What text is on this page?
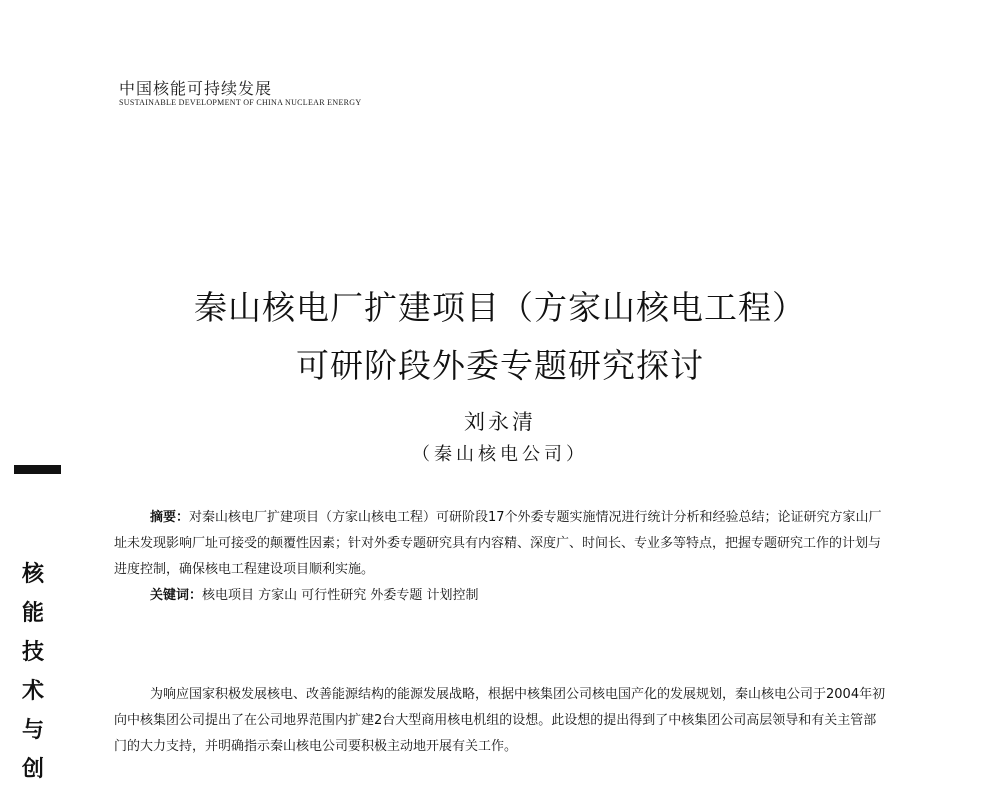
中国核能可持续发展
SUSTAINABLE DEVELOPMENT OF CHINA NUCLEAR ENERGY
秦山核电厂扩建项目（方家山核电工程）
可研阶段外委专题研究探讨
刘永清
（秦山核电公司）
核
能
技
术
与
创

摘要：对秦山核电厂扩建项目（方家山核电工程）可研阶段17个外委专题实施情况进行统计分析和经验总结；论证研究方家山厂址未发现影响厂址可接受的颠覆性因素；针对外委专题研究具有内容精、深度广、时间长、专业多等特点，把握专题研究工作的计划与进度控制，确保核电工程建设项目顺利实施。

关键词：核电项目 方家山 可行性研究 外委专题 计划控制

为响应国家积极发展核电、改善能源结构的能源发展战略，根据中核集团公司核电国产化的发展规划，秦山核电公司于2004年初向中核集团公司提出了在公司地界范围内扩建2台大型商用核电机组的设想。此设想的提出得到了中核集团公司高层领导和有关主管部门的大力支持，并明确指示秦山核电公司要积极主动地开展有关工作。
